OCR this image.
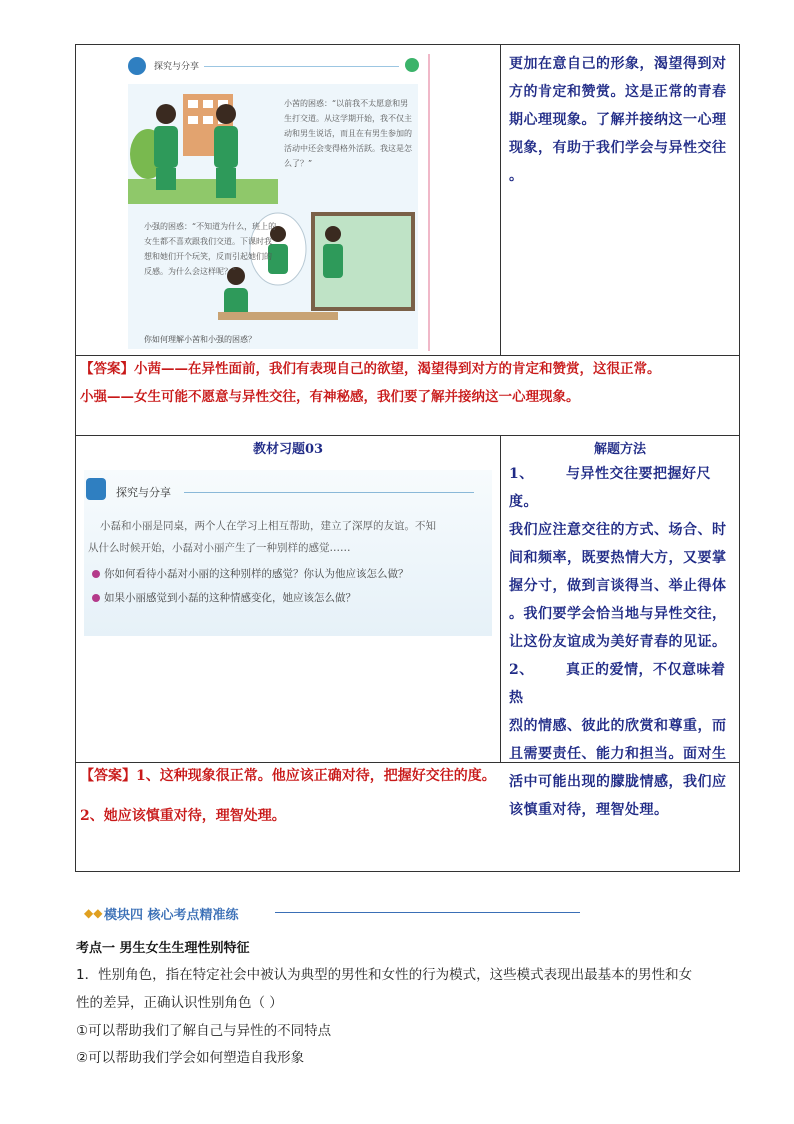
探究与分享
小茜的困惑：“以前我不太愿意和男生打交道。从这学期开始，我不仅主动和男生说话，而且在有男生参加的活动中还会变得格外活跃。我这是怎么了？”
小强的困惑：“不知道为什么，班上的女生都不喜欢跟我们交道。下课时我想和她们开个玩笑，反而引起她们的反感。为什么会这样呢？”
你如何理解小茜和小强的困惑？
更加在意自己的形象，渴望得到对
方的肯定和赞赏。这是正常的青春
期心理现象。了解并接纳这一心理
现象，有助于我们学会与异性交往
。
【答案】小茜——在异性面前，我们有表现自己的欲望，渴望得到对方的肯定和赞赏，这很正常。
小强——女生可能不愿意与异性交往，有神秘感，我们要了解并接纳这一心理现象。
教材习题03	解题方法
探究与分享
小磊和小丽是同桌，两个人在学习上相互帮助，建立了深厚的友谊。不知
从什么时候开始，小磊对小丽产生了一种别样的感觉……
你如何看待小磊对小丽的这种别样的感觉？你认为他应该怎么做？
如果小丽感觉到小磊的这种情感变化，她应该怎么做？
1、      与异性交往要把握好尺度。
我们应注意交往的方式、场合、时
间和频率，既要热情大方，又要掌
握分寸，做到言谈得当、举止得体
。我们要学会恰当地与异性交往，
让这份友谊成为美好青春的见证。
2、      真正的爱情，不仅意味着热
烈的情感、彼此的欣赏和尊重，而
且需要责任、能力和担当。面对生
活中可能出现的朦胧情感，我们应
该慎重对待，理智处理。
【答案】1、这种现象很正常。他应该正确对待，把握好交往的度。
2、她应该慎重对待，理智处理。
◆◆ 模块四 核心考点精准练
考点一 男生女生生理性别特征
1．性别角色，指在特定社会中被认为典型的男性和女性的行为模式，这些模式表现出最基本的男性和女
性的差异，正确认识性别角色（ ）
①可以帮助我们了解自己与异性的不同特点
②可以帮助我们学会如何塑造自我形象
